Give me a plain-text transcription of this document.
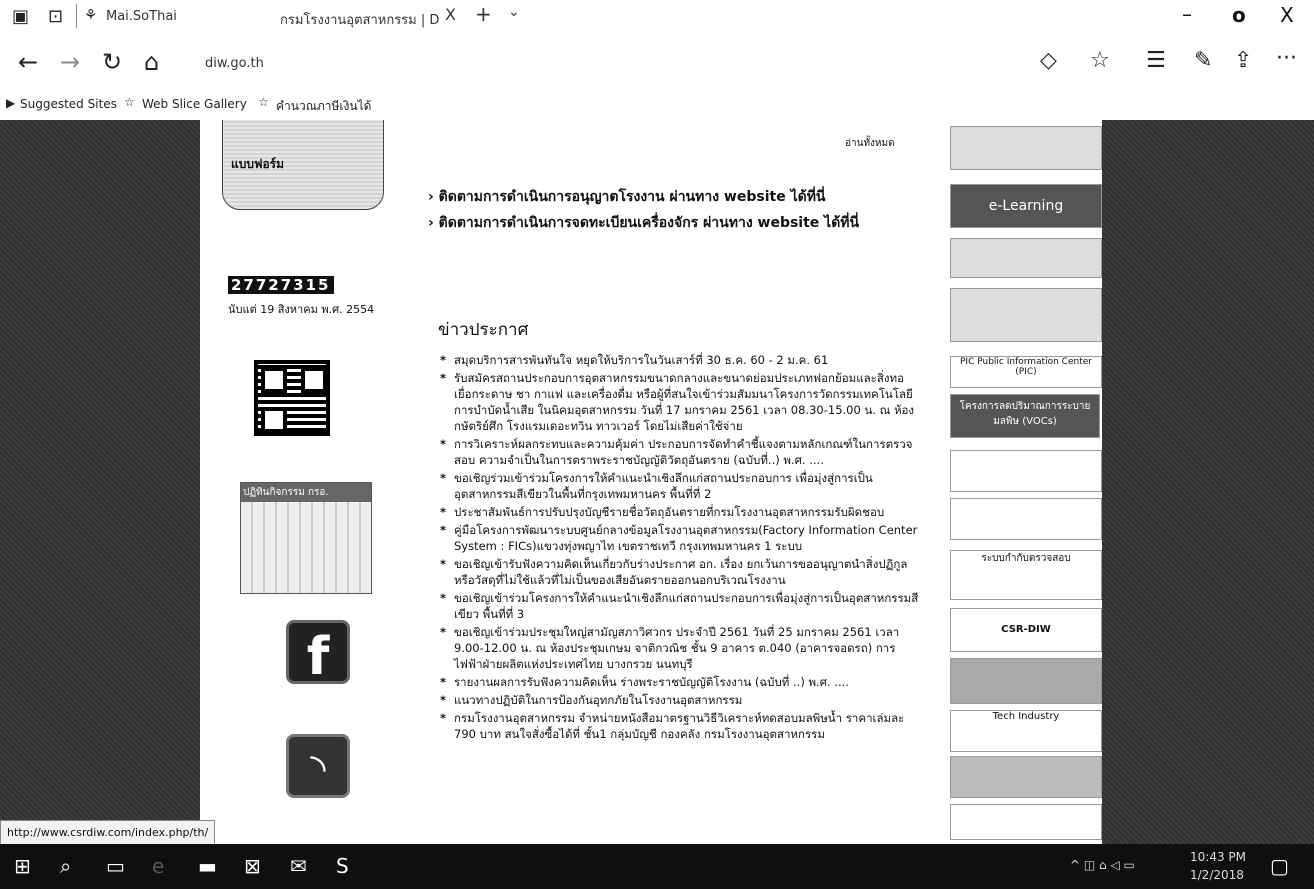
▣ ⊡ ⚘ Mai.SoThai	กรมโรงงานอุตสาหกรรม | D X + ⌄	– o X
← → ↻ ⌂	diw.go.th	◇ ☆ ☰ ✎ ⇪ ···
▶ Suggested Sites ☆ Web Slice Gallery ☆ คำนวณภาษีเงินได้
แบบฟอร์ม
อ่านทั้งหมด
› ติดตามการดำเนินการอนุญาตโรงงาน ผ่านทาง website ได้ที่นี่
› ติดตามการดำเนินการจดทะเบียนเครื่องจักร ผ่านทาง website ได้ที่นี่
27727315
นับแต่ 19 สิงหาคม พ.ศ. 2554
ปฏิทินกิจกรรม กรอ.
f
◝
ข่าวประกาศ
* สมุดบริการสารพันทันใจ หยุดให้บริการในวันเสาร์ที่ 30 ธ.ค. 60 - 2 ม.ค. 61
* รับสมัครสถานประกอบการอุตสาหกรรมขนาดกลางและขนาดย่อมประเภทฟอกย้อมและสิ่งทอ เยื่อกระดาษ ชา กาแฟ และเครื่องดื่ม หรือผู้ที่สนใจเข้าร่วมสัมมนาโครงการวัดกรรมเทคโนโลยีการบำบัดน้ำเสีย ในนิคมอุตสาหกรรม วันที่ 17 มกราคม 2561 เวลา 08.30-15.00 น. ณ ห้องกษัตริย์ศึก โรงแรมเดอะทวิน ทาวเวอร์ โดยไม่เสียค่าใช้จ่าย
* การวิเคราะห์ผลกระทบและความคุ้มค่า ประกอบการจัดทำคำชี้แจงตามหลักเกณฑ์ในการตรวจสอบ ความจำเป็นในการตราพระราชบัญญัติวัตถุอันตราย (ฉบับที่..) พ.ศ. ....
* ขอเชิญร่วมเข้าร่วมโครงการให้คำแนะนำเชิงลึกแก่สถานประกอบการ เพื่อมุ่งสู่การเป็นอุตสาหกรรมสีเขียวในพื้นที่กรุงเทพมหานคร พื้นที่ที่ 2
* ประชาสัมพันธ์การปรับปรุงบัญชีรายชื่อวัตถุอันตรายที่กรมโรงงานอุตสาหกรรมรับผิดชอบ
* คู่มือโครงการพัฒนาระบบศูนย์กลางข้อมูลโรงงานอุตสาหกรรม(Factory Information Center System : FICs)แขวงทุ่งพญาไท เขตราชเทวี กรุงเทพมหานคร 1 ระบบ
* ขอเชิญเข้ารับฟังความคิดเห็นเกี่ยวกับร่างประกาศ อก. เรื่อง ยกเว้นการขออนุญาตนำสิ่งปฏิกูลหรือวัสดุที่ไม่ใช้แล้วที่ไม่เป็นของเสียอันตรายออกนอกบริเวณโรงงาน
* ขอเชิญเข้าร่วมโครงการให้คำแนะนำเชิงลึกแก่สถานประกอบการเพื่อมุ่งสู่การเป็นอุตสาหกรรมสีเขียว พื้นที่ที่ 3
* ขอเชิญเข้าร่วมประชุมใหญ่สามัญสภาวิศวกร ประจำปี 2561 วันที่ 25 มกราคม 2561 เวลา 9.00-12.00 น. ณ ห้องประชุมเกษม จาติกวณิช ชั้น 9 อาคาร ต.040 (อาคารจอดรถ) การไฟฟ้าฝ่ายผลิตแห่งประเทศไทย บางกรวย นนทบุรี
* รายงานผลการรับฟังความคิดเห็น ร่างพระราชบัญญัติโรงงาน (ฉบับที่ ..) พ.ศ. ....
* แนวทางปฏิบัติในการป้องกันอุทกภัยในโรงงานอุตสาหกรรม
* กรมโรงงานอุตสาหกรรม จำหน่ายหนังสือมาตรฐานวิธีวิเคราะห์ทดสอบมลพิษน้ำ ราคาเล่มละ 790 บาท สนใจสั่งซื้อได้ที่ ชั้น1 กลุ่มบัญชี กองคลัง กรมโรงงานอุตสาหกรรม
e-Learning
PIC Public Information Center (PIC)
โครงการลดปริมาณการระบายมลพิษ (VOCs)
ระบบกำกับตรวจสอบ
CSR-DIW
Tech Industry
http://www.csrdiw.com/index.php/th/
⊞ ⌕ ▭ e ▬ ⊠ ✉ S	^ ◫ ⌂ ◁ ▭
10:43 PM
1/2/2018 ▢
